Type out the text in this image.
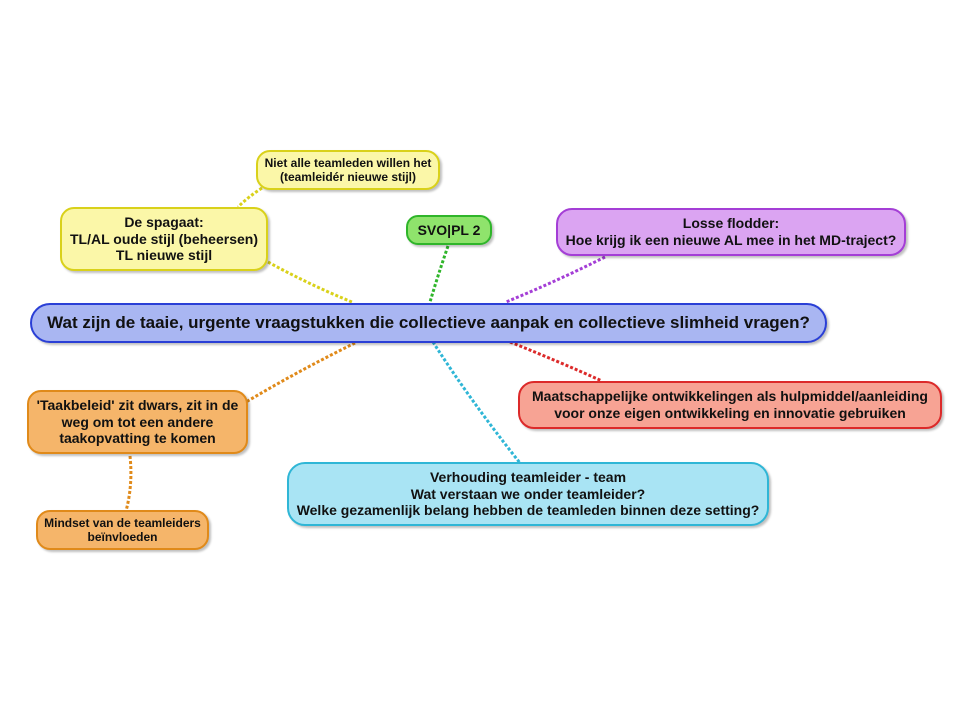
Wat zijn de taaie, urgente vraagstukken die collectieve aanpak en collectieve slimheid vragen?
De spagaat:
TL/AL oude stijl (beheersen)
TL nieuwe stijl
Niet alle teamleden willen het
(teamleidér nieuwe stijl)
SVO|PL 2	Losse flodder:
Hoe krijg ik een nieuwe AL mee in het MD-traject?
Maatschappelijke ontwikkelingen als hulpmiddel/aanleiding
voor onze eigen ontwikkeling en innovatie gebruiken
Verhouding teamleider - team
Wat verstaan we onder teamleider?
Welke gezamenlijk belang hebben de teamleden binnen deze setting?
'Taakbeleid' zit dwars, zit in de
weg om tot een andere
taakopvatting te komen
Mindset van de teamleiders
beïnvloeden
